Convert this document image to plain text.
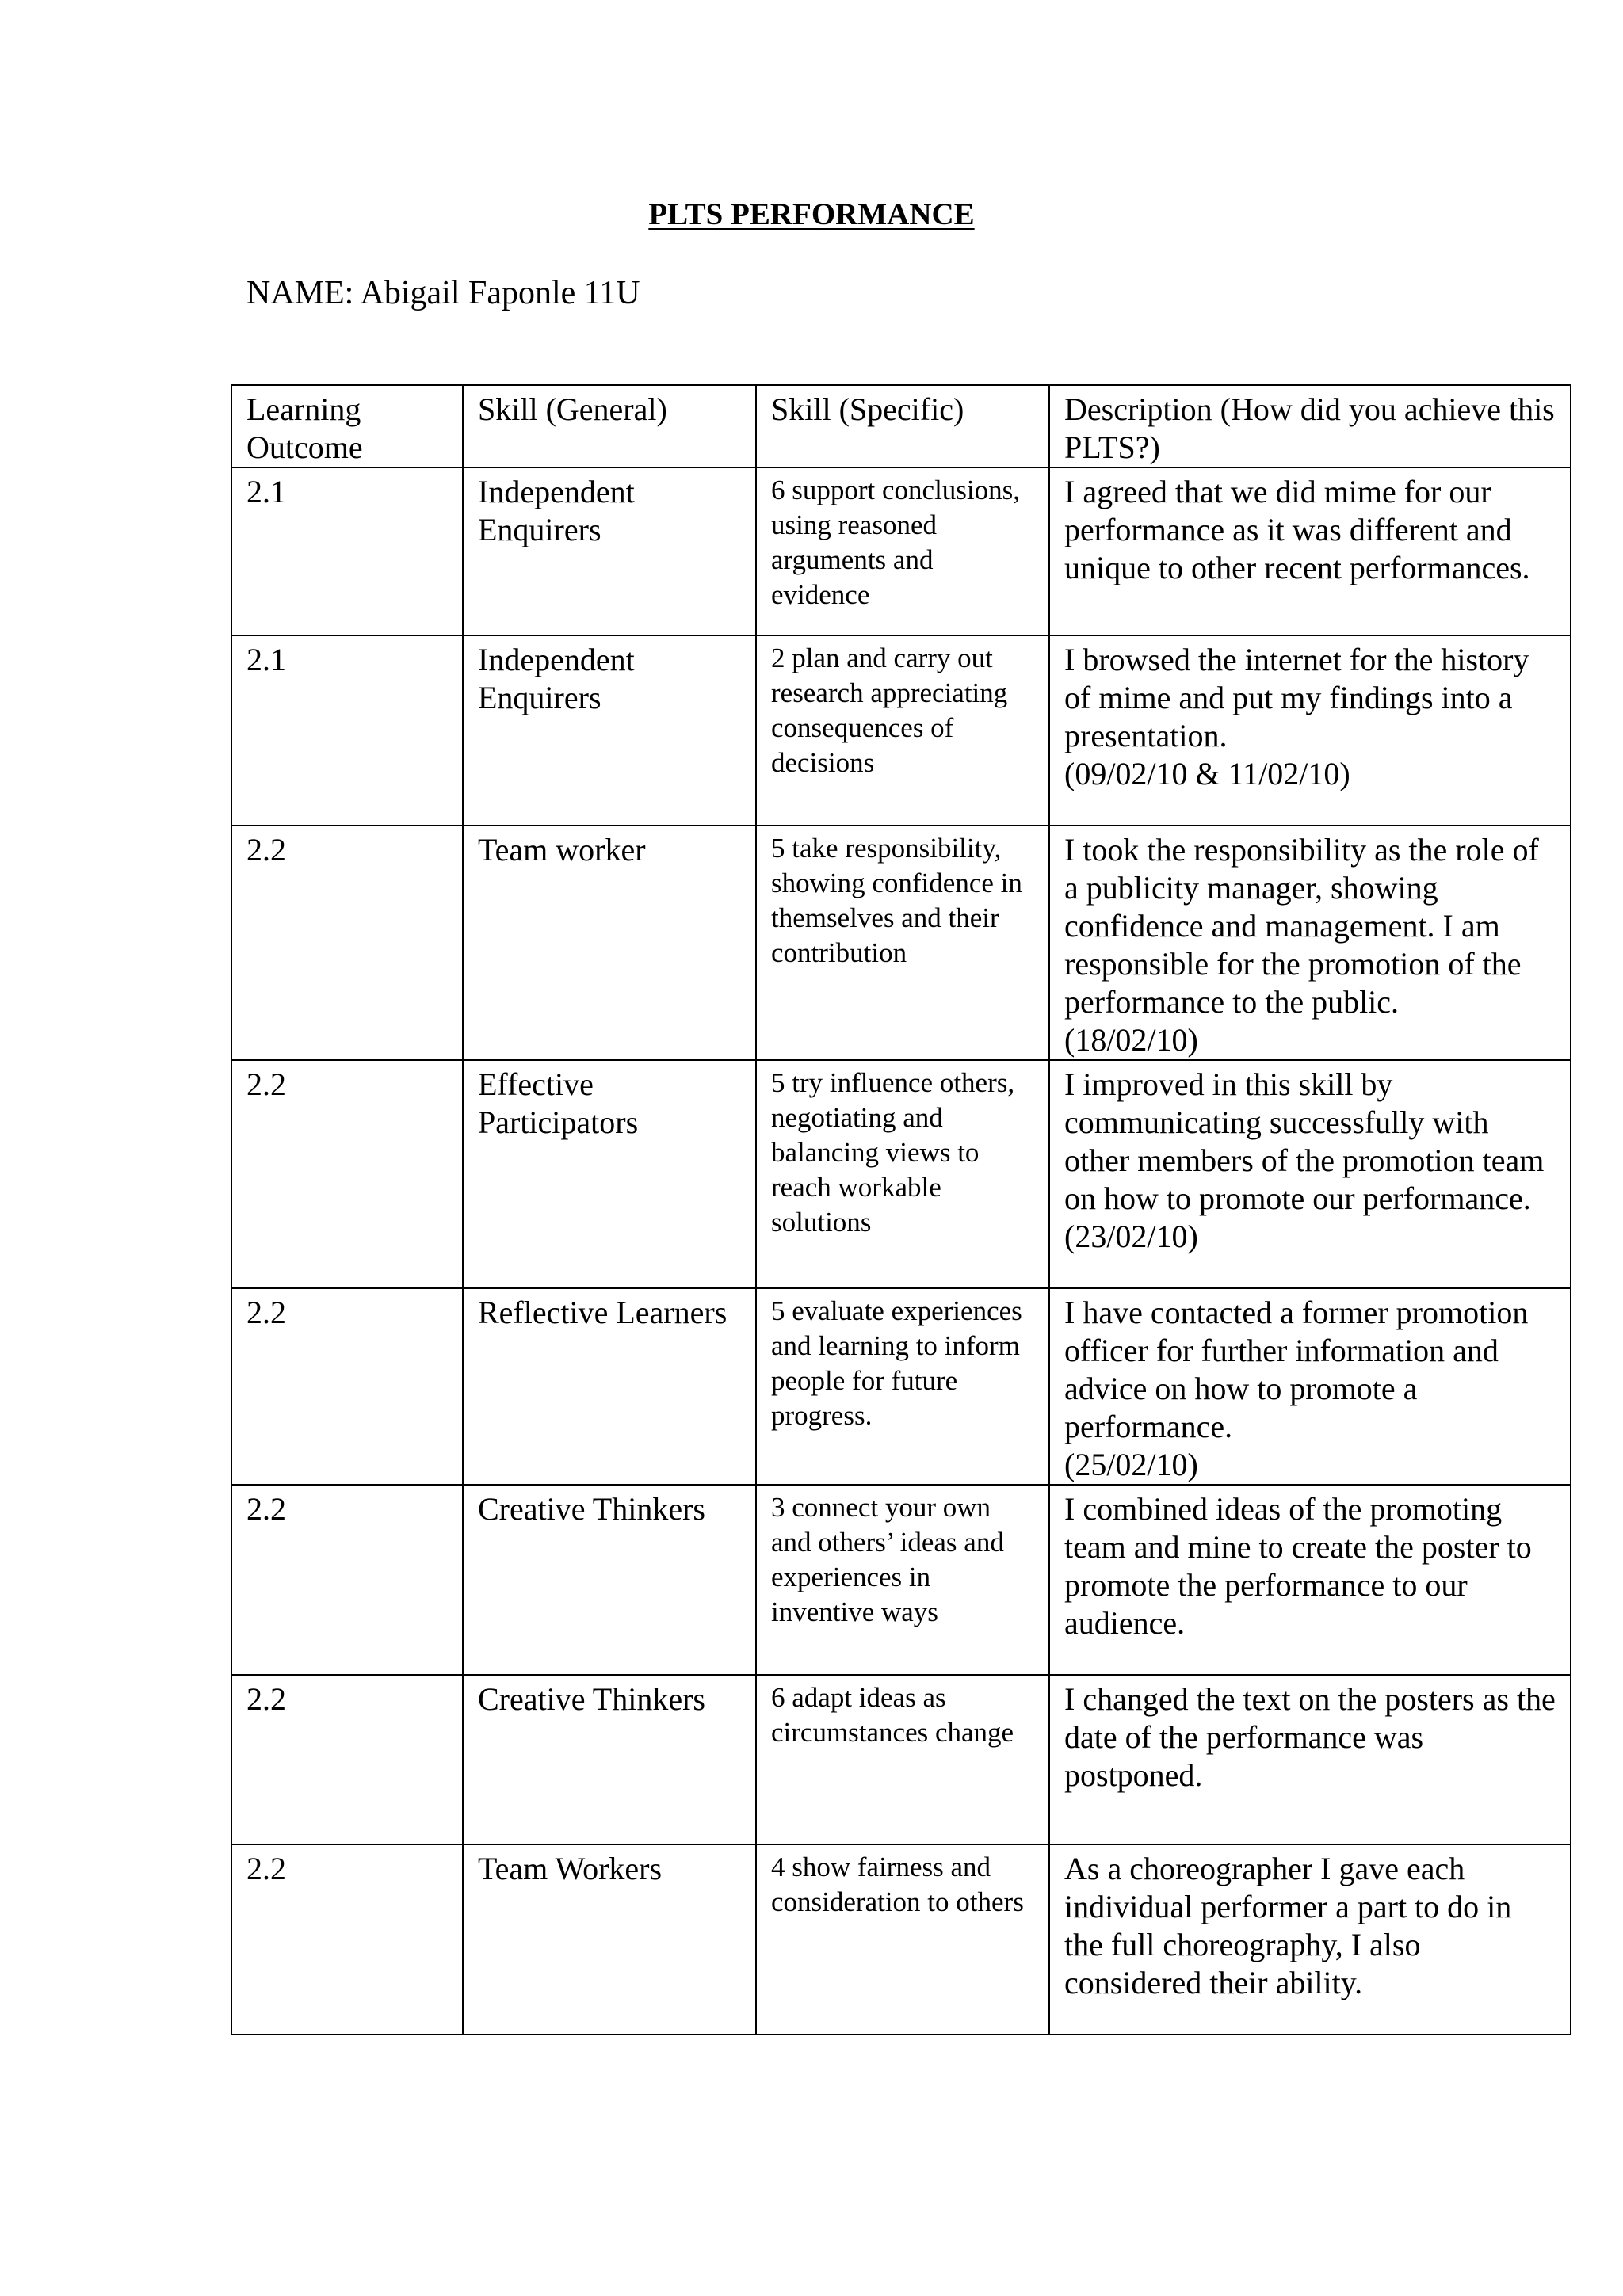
PLTS PERFORMANCE
NAME: Abigail Faponle 11U
Learning Outcome	Skill (General)	Skill (Specific)	Description (How did you achieve this PLTS?)

2.1	Independent Enquirers	6 support conclusions, using reasoned arguments and evidence	I agreed that we did mime for our performance as it was different and unique to other recent performances.

2.1	Independent Enquirers	2 plan and carry out research appreciating consequences of decisions	I browsed the internet for the history of mime and put my findings into a presentation.
(09/02/10 & 11/02/10)

2.2	Team worker	5 take responsibility, showing confidence in themselves and their contribution	I took the responsibility as the role of a publicity manager, showing confidence and management. I am responsible for the promotion of the performance to the public.
(18/02/10)

2.2	Effective Participators	5 try influence others, negotiating and balancing views to reach workable solutions	I improved in this skill by communicating successfully with other members of the promotion team on how to promote our performance.
(23/02/10)

2.2	Reflective Learners	5 evaluate experiences and learning to inform people for future progress.	I have contacted a former promotion officer for further information and advice on how to promote a performance.
(25/02/10)

2.2	Creative Thinkers	3 connect your own and others’ ideas and experiences in inventive ways	I combined ideas of the promoting team and mine to create the poster to promote the performance to our audience.

2.2	Creative Thinkers	6 adapt ideas as circumstances change	I changed the text on the posters as the date of the performance was postponed.

2.2	Team Workers	4 show fairness and consideration to others	As a choreographer I gave each individual performer a part to do in the full choreography, I also considered their ability.
